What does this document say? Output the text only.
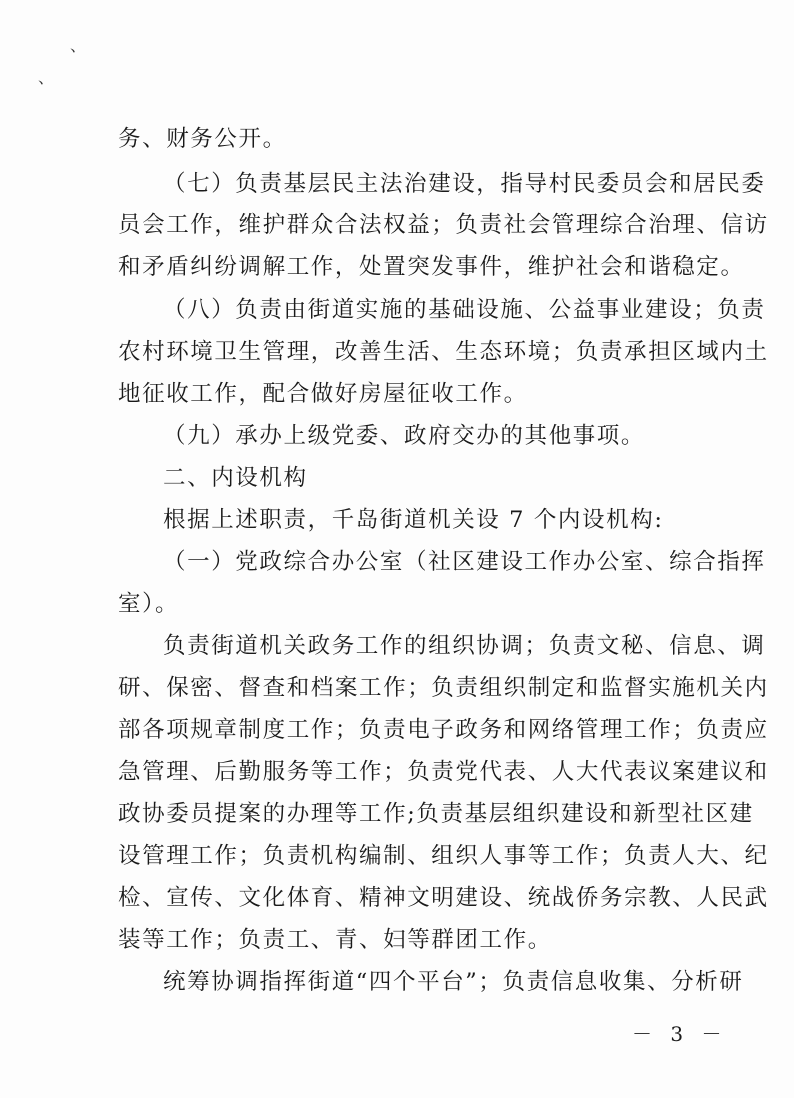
、
、
务、财务公开。
（七）负责基层民主法治建设，指导村民委员会和居民委
员会工作，维护群众合法权益；负责社会管理综合治理、信访
和矛盾纠纷调解工作，处置突发事件，维护社会和谐稳定。
（八）负责由街道实施的基础设施、公益事业建设；负责
农村环境卫生管理，改善生活、生态环境；负责承担区域内土
地征收工作，配合做好房屋征收工作。
（九）承办上级党委、政府交办的其他事项。
二、内设机构
根据上述职责，千岛街道机关设 7 个内设机构:
（一）党政综合办公室（社区建设工作办公室、综合指挥
室）。
负责街道机关政务工作的组织协调；负责文秘、信息、调
研、保密、督查和档案工作；负责组织制定和监督实施机关内
部各项规章制度工作；负责电子政务和网络管理工作；负责应
急管理、后勤服务等工作；负责党代表、人大代表议案建议和
政协委员提案的办理等工作;负责基层组织建设和新型社区建
设管理工作；负责机构编制、组织人事等工作；负责人大、纪
检、宣传、文化体育、精神文明建设、统战侨务宗教、人民武
装等工作；负责工、青、妇等群团工作。
统筹协调指挥街道“四个平台”；负责信息收集、分析研
－ 3 －
